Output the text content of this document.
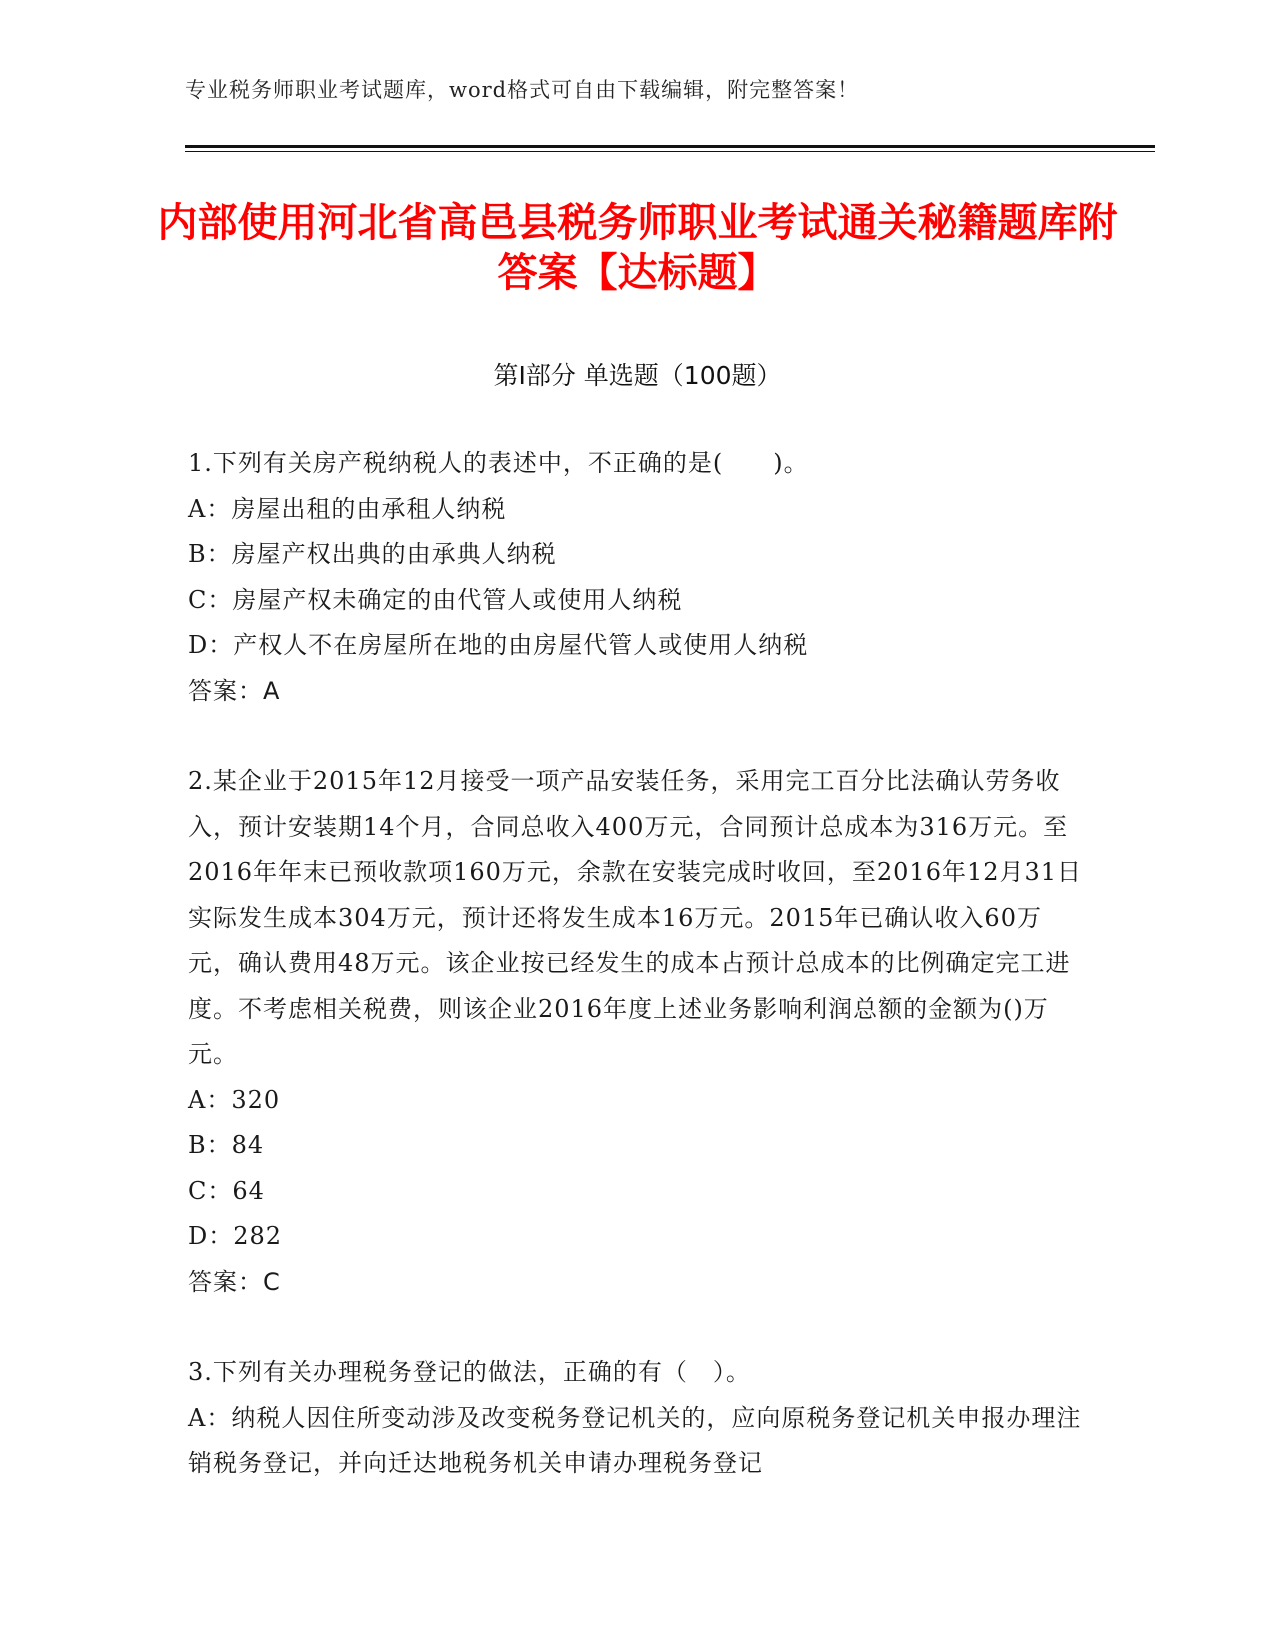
专业税务师职业考试题库，word格式可自由下载编辑，附完整答案！
内部使用河北省高邑县税务师职业考试通关秘籍题库附答案【达标题】
第Ⅰ部分 单选题（100题）

1.下列有关房产税纳税人的表述中，不正确的是(　　)。

A：房屋出租的由承租人纳税

B：房屋产权出典的由承典人纳税

C：房屋产权未确定的由代管人或使用人纳税

D：产权人不在房屋所在地的由房屋代管人或使用人纳税

答案：A

2.某企业于2015年12月接受一项产品安装任务，采用完工百分比法确认劳务收入，预计安装期14个月，合同总收入400万元，合同预计总成本为316万元。至2016年年末已预收款项160万元，余款在安装完成时收回，至2016年12月31日实际发生成本304万元，预计还将发生成本16万元。2015年已确认收入60万元，确认费用48万元。该企业按已经发生的成本占预计总成本的比例确定完工进度。不考虑相关税费，则该企业2016年度上述业务影响利润总额的金额为()万元。

A：320

B：84

C：64

D：282

答案：C

3.下列有关办理税务登记的做法，正确的有（　）。

A：纳税人因住所变动涉及改变税务登记机关的，应向原税务登记机关申报办理注销税务登记，并向迁达地税务机关申请办理税务登记
